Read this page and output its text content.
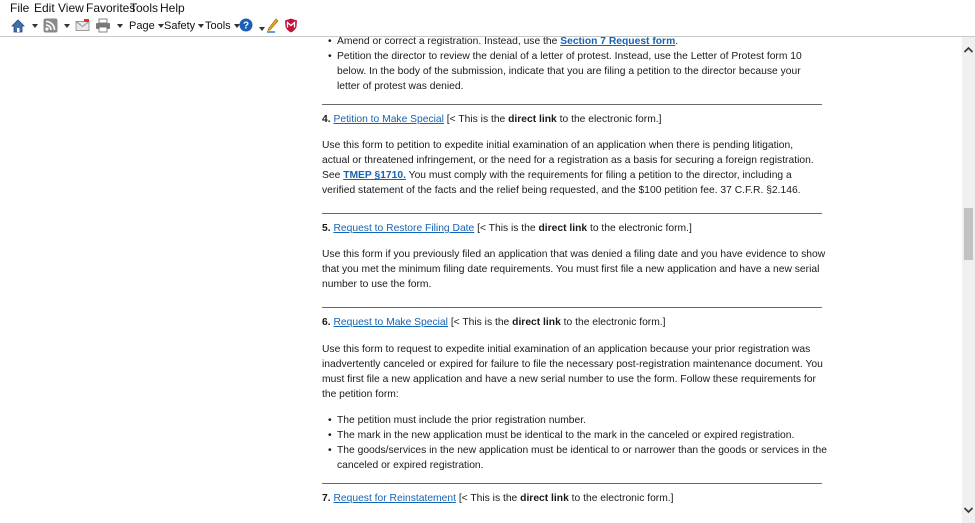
File Edit View Favorites
Tools Help
Page Safety Tools	?

• Amend or correct a registration. Instead, use the Section 7 Request form.
• Petition the director to review the denial of a letter of protest. Instead, use the Letter of Protest form 10
below. In the body of the submission, indicate that you are filing a petition to the director because your
letter of protest was denied.
4. Petition to Make Special [< This is the direct link to the electronic form.]
Use this form to petition to expedite initial examination of an application when there is pending litigation,
actual or threatened infringement, or the need for a registration as a basis for securing a foreign registration.
See TMEP §1710. You must comply with the requirements for filing a petition to the director, including a
verified statement of the facts and the relief being requested, and the $100 petition fee. 37 C.F.R. §2.146.
5. Request to Restore Filing Date [< This is the direct link to the electronic form.]
Use this form if you previously filed an application that was denied a filing date and you have evidence to show
that you met the minimum filing date requirements. You must first file a new application and have a new serial
number to use the form.
6. Request to Make Special [< This is the direct link to the electronic form.]
Use this form to request to expedite initial examination of an application because your prior registration was
inadvertently canceled or expired for failure to file the necessary post-registration maintenance document. You
must first file a new application and have a new serial number to use the form. Follow these requirements for
the petition form:
• The petition must include the prior registration number.
• The mark in the new application must be identical to the mark in the canceled or expired registration.
• The goods/services in the new application must be identical to or narrower than the goods or services in the
canceled or expired registration.
7. Request for Reinstatement [< This is the direct link to the electronic form.]
